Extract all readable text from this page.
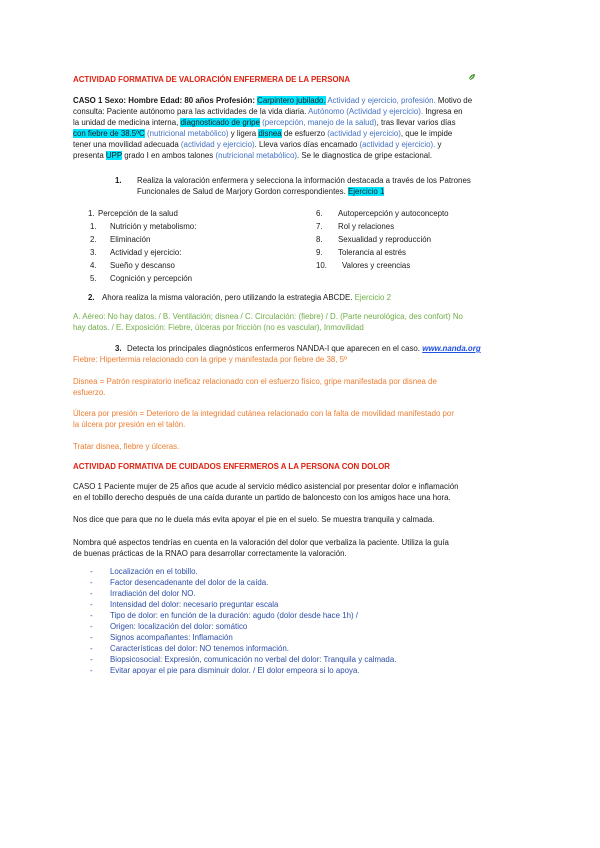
ACTIVIDAD FORMATIVA DE VALORACIÓN ENFERMERA DE LA PERSONA
CASO 1 Sexo: Hombre Edad: 80 años Profesión: Carpintero jubilado. Actividad y ejercicio, profesión. Motivo de
consulta: Paciente autónomo para las actividades de la vida diaria. Autónomo (Actividad y ejercicio). Ingresa en
la unidad de medicina interna, diagnosticado de gripe (percepción, manejo de la salud), tras llevar varios días
con fiebre de 38.5ºC (nutricional metabólico) y ligera disnea de esfuerzo (actividad y ejercicio), que le impide
tener una movilidad adecuada (actividad y ejercicio). Lleva varios días encamado (actividad y ejercicio). y
presenta UPP grado I en ambos talones (nutricional metabólico). Se le diagnostica de gripe estacional.
1. Realiza la valoración enfermera y selecciona la información destacada a través de los Patrones
Funcionales de Salud de Marjory Gordon correspondientes. Ejercicio 1
1. Percepción de la salud
1. Nutrición y metabolismo:
2. Eliminación
3. Actividad y ejercicio:
4. Sueño y descanso
5. Cognición y percepción
6. Autopercepción y autoconcepto
7. Rol y relaciones
8. Sexualidad y reproducción
9. Tolerancia al estrés
10. Valores y creencias
2. Ahora realiza la misma valoración, pero utilizando la estrategia ABCDE. Ejercicio 2
A. Aéreo: No hay datos. / B. Ventilación; disnea / C. Circulación: (fiebre) / D. (Parte neurológica, des confort) No
hay datos. / E. Exposición: Fiebre, úlceras por fricción (no es vascular), Inmovilidad
3. Detecta los principales diagnósticos enfermeros NANDA-I que aparecen en el caso. www.nanda.org
Fiebre: Hipertermia relacionado con la gripe y manifestada por fiebre de 38, 5º
Disnea = Patrón respiratorio ineficaz relacionado con el esfuerzo físico, gripe manifestada por disnea de
esfuerzo.
Úlcera por presión = Deterioro de la integridad cutánea relacionado con la falta de movilidad manifestado por
la úlcera por presión en el talón.
Tratar disnea, fiebre y úlceras.
ACTIVIDAD FORMATIVA DE CUIDADOS ENFERMEROS A LA PERSONA CON DOLOR
CASO 1 Paciente mujer de 25 años que acude al servicio médico asistencial por presentar dolor e inflamación
en el tobillo derecho después de una caída durante un partido de baloncesto con los amigos hace una hora.
Nos dice que para que no le duela más evita apoyar el pie en el suelo. Se muestra tranquila y calmada.
Nombra qué aspectos tendrías en cuenta en la valoración del dolor que verbaliza la paciente. Utiliza la guía
de buenas prácticas de la RNAO para desarrollar correctamente la valoración.
- Localización en el tobillo.
- Factor desencadenante del dolor de la caída.
- Irradiación del dolor NO.
- Intensidad del dolor: necesario preguntar escala
- Tipo de dolor: en función de la duración: agudo (dolor desde hace 1h) /
- Origen: localización del dolor: somático
- Signos acompañantes: Inflamación
- Características del dolor: NO tenemos información.
- Biopsicosocial: Expresión, comunicación no verbal del dolor: Tranquila y calmada.
- Evitar apoyar el pie para disminuir dolor. / El dolor empeora si lo apoya.
